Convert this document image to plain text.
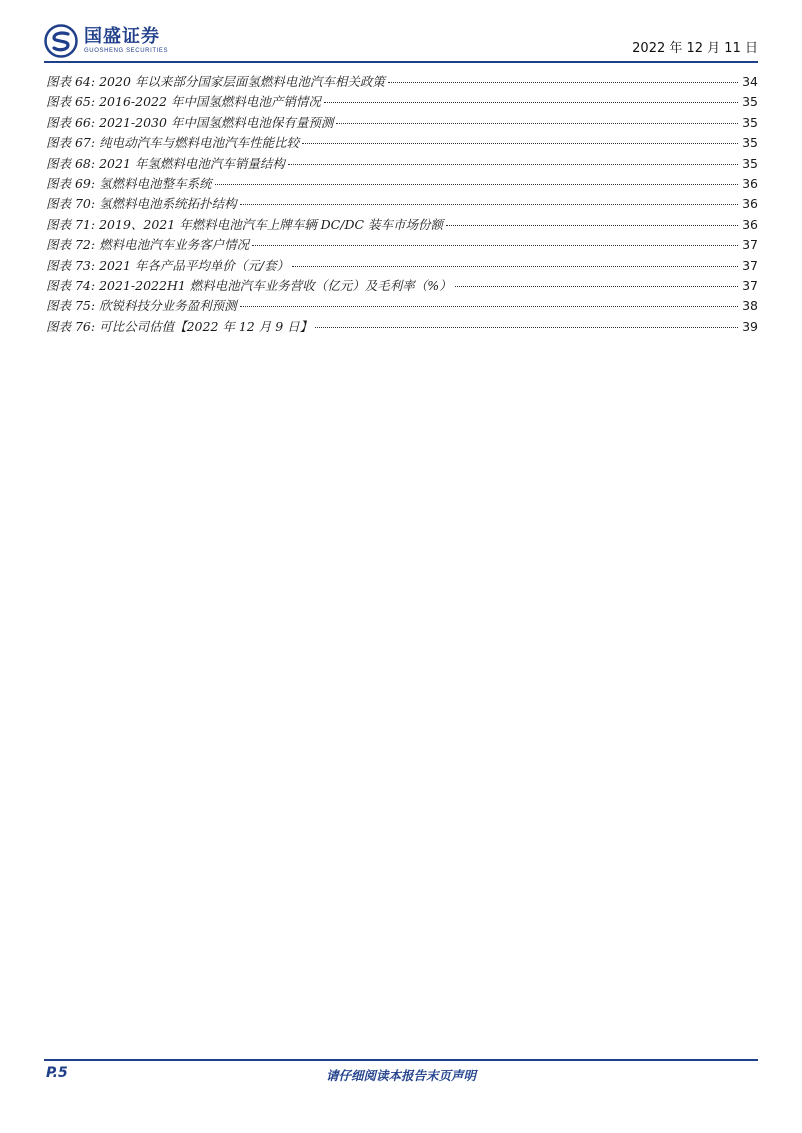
国盛证券
GUOSHENG SECURITIES	2022 年 12 月 11 日
图表 64: 2020 年以来部分国家层面氢燃料电池汽车相关政策	34
图表 65: 2016-2022 年中国氢燃料电池产销情况	35
图表 66: 2021-2030 年中国氢燃料电池保有量预测	35
图表 67: 纯电动汽车与燃料电池汽车性能比较	35
图表 68: 2021 年氢燃料电池汽车销量结构	35
图表 69: 氢燃料电池整车系统	36
图表 70: 氢燃料电池系统拓扑结构	36
图表 71: 2019、2021 年燃料电池汽车上牌车辆 DC/DC 装车市场份额	36
图表 72: 燃料电池汽车业务客户情况	37
图表 73: 2021 年各产品平均单价（元/套）	37
图表 74: 2021-2022H1 燃料电池汽车业务营收（亿元）及毛利率（%）	37
图表 75: 欣锐科技分业务盈利预测	38
图表 76: 可比公司估值【2022 年 12 月 9 日】	39
P.5	请仔细阅读本报告末页声明
